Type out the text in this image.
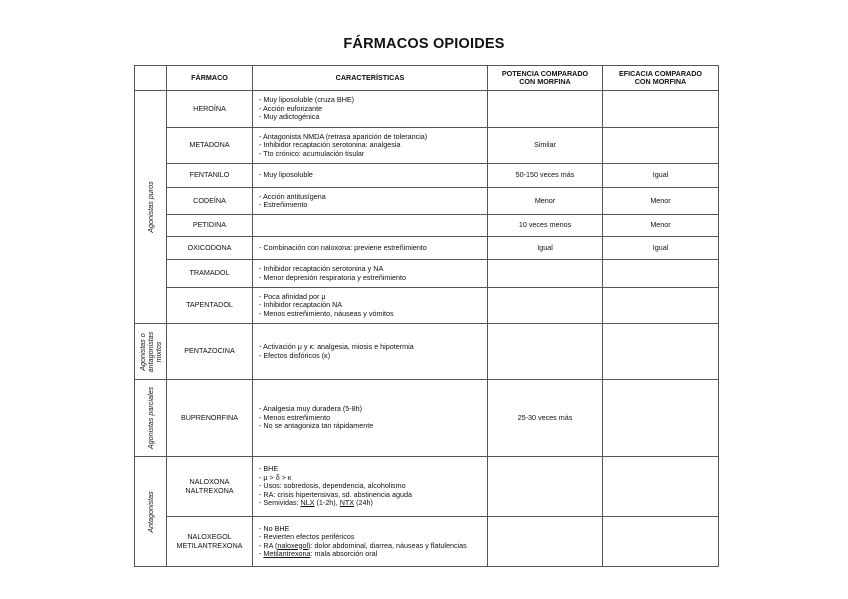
FÁRMACOS OPIOIDES
	FÁRMACO	CARACTERÍSTICAS	POTENCIA COMPARADO
CON MORFINA	EFICACIA COMPARADO
CON MORFINA

Agonistas puros	HEROÍNA	- Muy liposoluble (cruza BHE)
- Acción euforizante
- Muy adictogénica		

	METADONA	- Antagonista NMDA (retrasa aparición de tolerancia)
- Inhibidor recaptación serotonina: analgesia
- Tto crónico: acumulación tisular	Similar	

	FENTANILO	- Muy liposoluble	50-150 veces más	Igual

	CODEÍNA	- Acción antitusígena
- Estreñimiento	Menor	Menor

	PETIDINA		10 veces menos	Menor

	OXICODONA	- Combinación con naloxona: previene estreñimiento	Igual	Igual

	TRAMADOL	- Inhibidor recaptación serotonina y NA
- Menor depresión respiratoria y estreñimiento		

	TAPENTADOL	- Poca afinidad por μ
- Inhibidor recaptación NA
- Menos estreñimiento, náuseas y vómitos		

Agonistas o antagonistas mixtos	PENTAZOCINA	- Activación μ y κ: analgesia, miosis e hipotermia
- Efectos disfóricos (κ)		

Agonistas parciales	BUPRENORFINA	- Analgesia muy duradera (5-8h)
- Menos estreñimiento
- No se antagoniza tan rápidamente	25-30 veces más	

Antagonistas	NALOXONA
NALTREXONA	- BHE
- μ > δ > κ
- Usos: sobredosis, dependencia, alcoholismo
- RA: crisis hipertensivas, sd. abstinencia aguda
- Semividas: NLX (1-2h), NTX (24h)		

	NALOXEGOL
METILANTREXONA	- No BHE
- Revierten efectos periféricos
- RA (naloxegol): dolor abdominal, diarrea, náuseas y flatulencias
- Metilantrexona: mala absorción oral		
